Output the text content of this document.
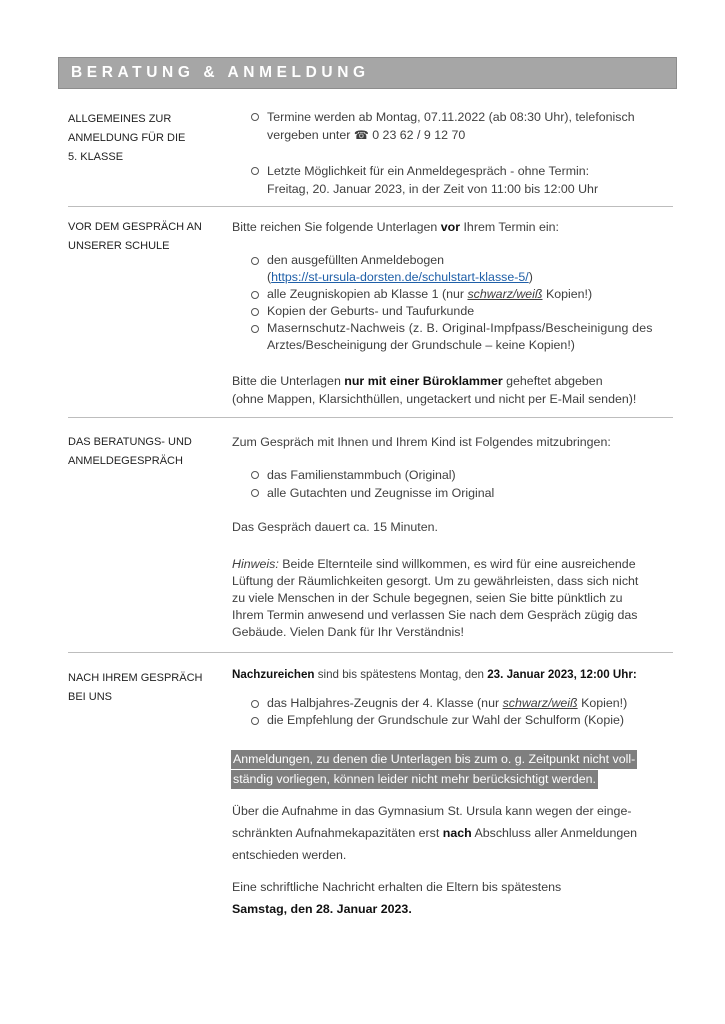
BERATUNG & ANMELDUNG
ALLGEMEINES ZUR
ANMELDUNG FÜR DIE
5. KLASSE
Termine werden ab Montag, 07.11.2022 (ab 08:30 Uhr), telefonisch
vergeben unter ☎ 0 23 62 / 9 12 70
Letzte Möglichkeit für ein Anmeldegespräch - ohne Termin:
Freitag, 20. Januar 2023, in der Zeit von 11:00 bis 12:00 Uhr
VOR DEM GESPRÄCH AN
UNSERER SCHULE
Bitte reichen Sie folgende Unterlagen vor Ihrem Termin ein:
den ausgefüllten Anmeldebogen
(https://st-ursula-dorsten.de/schulstart-klasse-5/)
alle Zeugniskopien ab Klasse 1 (nur schwarz/weiß Kopien!)
Kopien der Geburts- und Taufurkunde
Masernschutz-Nachweis (z. B. Original-Impfpass/Bescheinigung des
Arztes/Bescheinigung der Grundschule – keine Kopien!)
Bitte die Unterlagen nur mit einer Büroklammer geheftet abgeben
(ohne Mappen, Klarsichthüllen, ungetackert und nicht per E-Mail senden)!
DAS BERATUNGS- UND
ANMELDEGESPRÄCH
Zum Gespräch mit Ihnen und Ihrem Kind ist Folgendes mitzubringen:
das Familienstammbuch (Original)
alle Gutachten und Zeugnisse im Original
Das Gespräch dauert ca. 15 Minuten.
Hinweis: Beide Elternteile sind willkommen, es wird für eine ausreichende
Lüftung der Räumlichkeiten gesorgt. Um zu gewährleisten, dass sich nicht
zu viele Menschen in der Schule begegnen, seien Sie bitte pünktlich zu
Ihrem Termin anwesend und verlassen Sie nach dem Gespräch zügig das
Gebäude. Vielen Dank für Ihr Verständnis!
NACH IHREM GESPRÄCH
BEI UNS
Nachzureichen sind bis spätestens Montag, den 23. Januar 2023, 12:00 Uhr:
das Halbjahres-Zeugnis der 4. Klasse (nur schwarz/weiß Kopien!)
die Empfehlung der Grundschule zur Wahl der Schulform (Kopie)
Anmeldungen, zu denen die Unterlagen bis zum o. g. Zeitpunkt nicht voll-
ständig vorliegen, können leider nicht mehr berücksichtigt werden.
Über die Aufnahme in das Gymnasium St. Ursula kann wegen der einge-
schränkten Aufnahmekapazitäten erst nach Abschluss aller Anmeldungen
entschieden werden.
Eine schriftliche Nachricht erhalten die Eltern bis spätestens
Samstag, den 28. Januar 2023.
